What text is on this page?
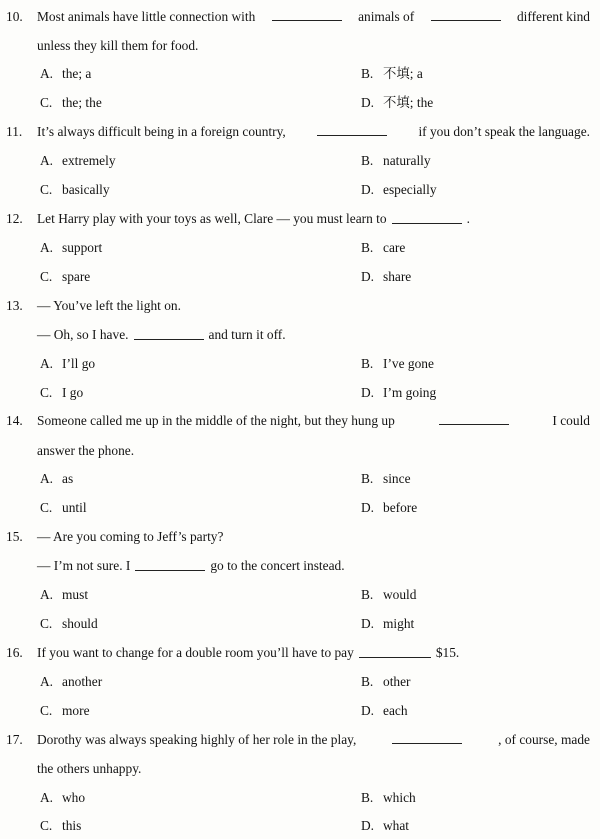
10. Most animals have little connection with	animals of	different kind
unless they kill them for food.
A. the; a	B. 不填; a
C. the; the	D. 不填; the
11. It’s always difficult being in a foreign country,	if you don’t speak the language.
A. extremely	B. naturally
C. basically	D. especially
12. Let Harry play with your toys as well, Clare — you must learn to	.
A. support	B. care
C. spare	D. share
13. — You’ve left the light on.
— Oh, so I have.	and turn it off.
A. I’ll go	B. I’ve gone
C. I go	D. I’m going
14. Someone called me up in the middle of the night, but they hung up	I could
answer the phone.
A. as	B. since
C. until	D. before
15. — Are you coming to Jeff’s party?
— I’m not sure. I	go to the concert instead.
A. must	B. would
C. should	D. might
16. If you want to change for a double room you’ll have to pay	$15.
A. another	B. other
C. more	D. each
17. Dorothy was always speaking highly of her role in the play,	, of course, made
the others unhappy.
A. who	B. which
C. this	D. what
